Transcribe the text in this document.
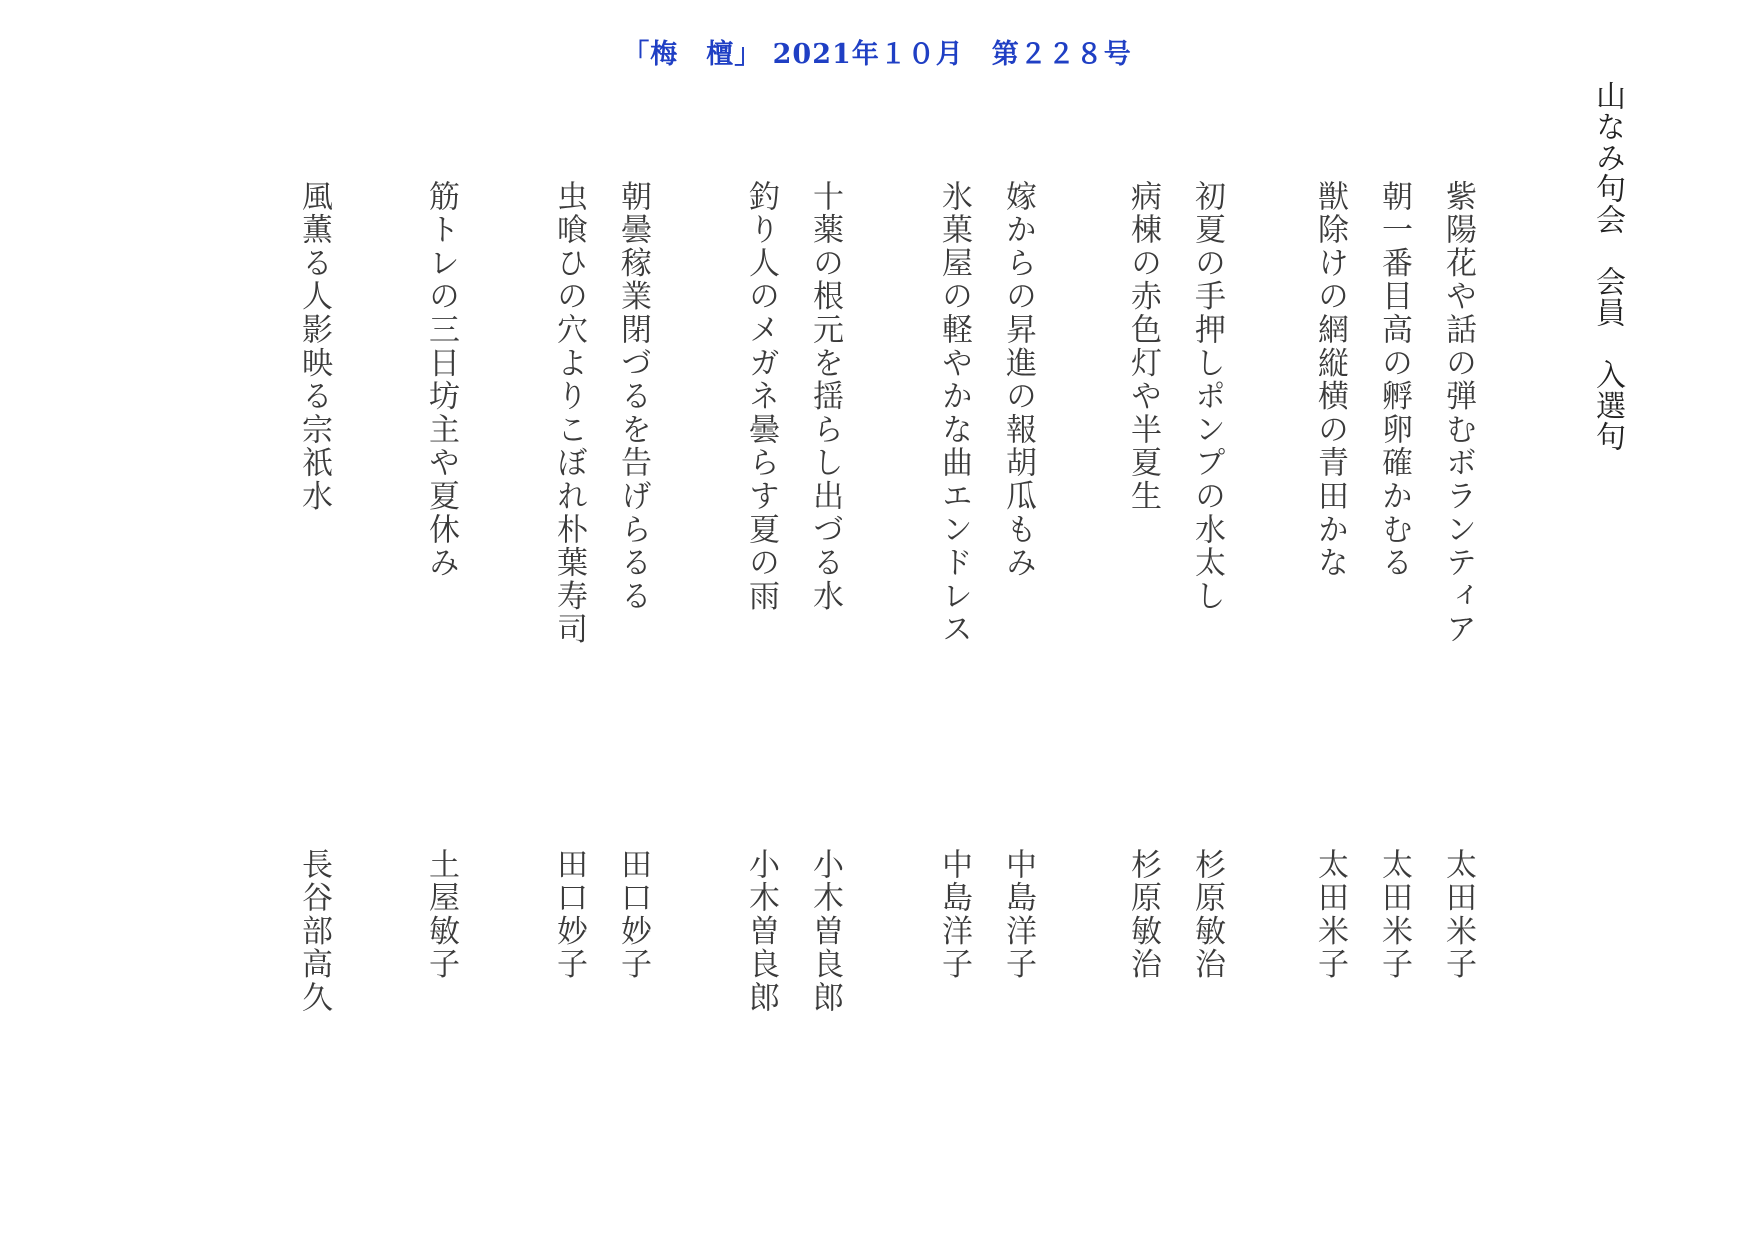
「梅　檀」 2021年１０月　第２２８号
山なみ句会　会員　入選句
紫陽花や話の弾むボランティア
太田米子
朝一番目高の孵卵確かむる
太田米子
獣除けの網縦横の青田かな
太田米子
初夏の手押しポンプの水太し
杉原敏治
病棟の赤色灯や半夏生
杉原敏治
嫁からの昇進の報胡瓜もみ
中島洋子
氷菓屋の軽やかな曲エンドレス
中島洋子
十薬の根元を揺らし出づる水
小木曽良郎
釣り人のメガネ曇らす夏の雨
小木曽良郎
朝曇稼業閉づるを告げらるる
田口妙子
虫喰ひの穴よりこぼれ朴葉寿司
田口妙子
筋トレの三日坊主や夏休み
土屋敏子
風薫る人影映る宗祇水
長谷部高久
